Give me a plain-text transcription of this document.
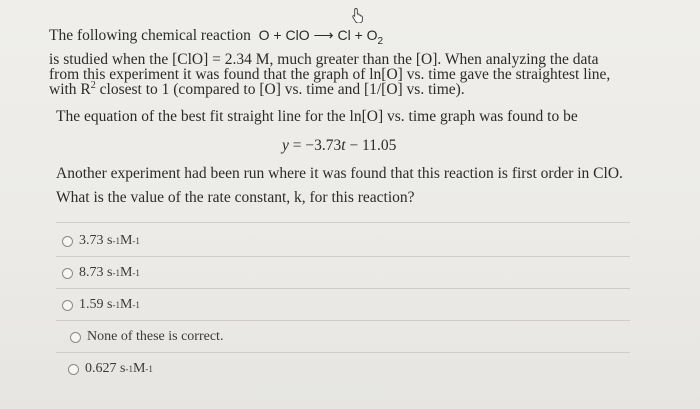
The following chemical reaction O + ClO ⟶ $Cl + O_2$
is studied when the [ClO] = 2.34 M, much greater than the [O]. When analyzing the data
from this experiment it was found that the graph of ln[O] vs. time gave the straightest line,
with $R^2$ closest to 1 (compared to [O] vs. time and [1/[O] vs. time).
The equation of the best fit straight line for the ln[O] vs. time graph was found to be
y = −3.73t − 11.05
Another experiment had been run where it was found that this reaction is first order in ClO.
What is the value of the rate constant, k, for this reaction?
3.73 s -1 M -1
8.73 s -1 M -1
1.59 s -1 M -1
None of these is correct.
0.627 s -1 M -1
